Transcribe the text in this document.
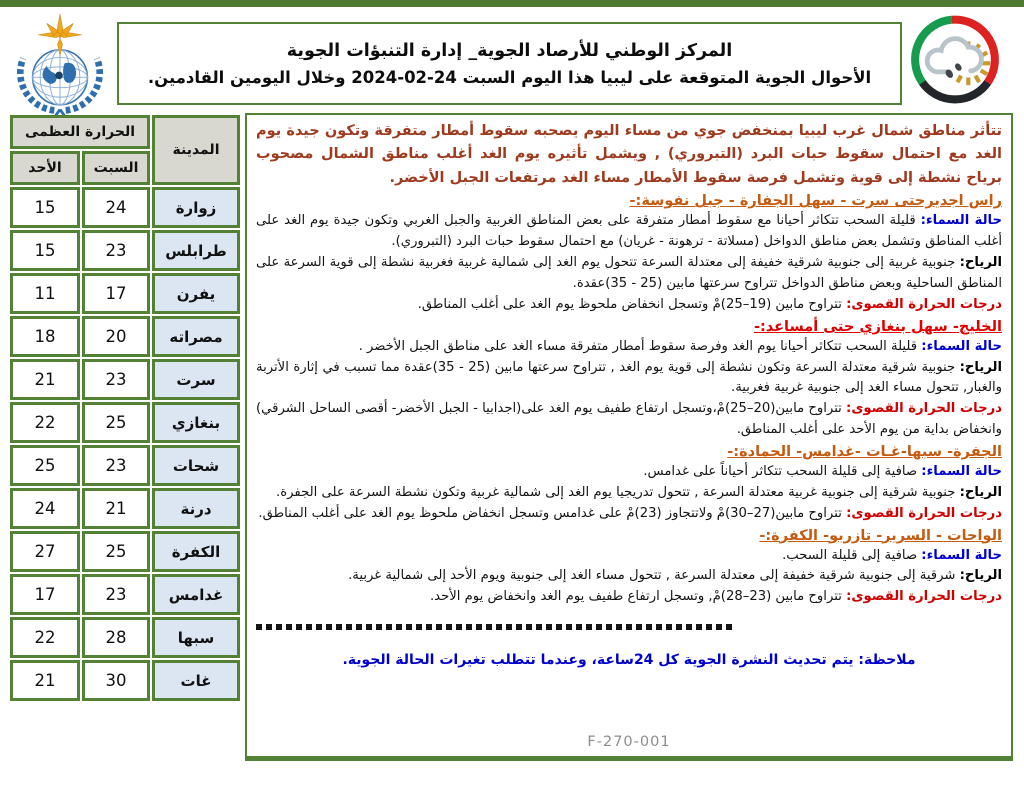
المركز الوطني للأرصاد الجوية_ إدارة التنبؤات الجوية
الأحوال الجوية المتوقعة على ليبيا هذا اليوم السبت 24-02-2024 وخلال اليومين القادمين.
المدينة	الحرارة العظمى	
	السبت	الأحد
زوارة	24	15
طرابلس	23	15
يفرن	17	11
مصراته	20	18
سرت	23	21
بنغازي	25	22
شحات	23	25
درنة	21	24
الكفرة	25	27
غدامس	23	17
سبها	28	22
غات	30	21

تتأثر مناطق شمال غرب ليبيا بمنخفض جوي من مساء اليوم يصحبه سقوط أمطار متفرقة وتكون جيدة يوم الغد مع احتمال سقوط حبات البرد (التبروري) , ويشمل تأثيره يوم الغد أغلب مناطق الشمال مصحوب برياح نشطة إلى قوية وتشمل فرصة سقوط الأمطار مساء الغد مرتفعات الجبل الأخضر.

راس اجديرحتى سرت - سهل الجفارة - جبل نفوسة:-

حالة السماء: قليلة السحب تتكاثر أحيانا مع سقوط أمطار متفرقة على بعض المناطق الغربية والجبل الغربي وتكون جيدة يوم الغد على أغلب المناطق وتشمل بعض مناطق الدواخل (مسلاتة - ترهونة - غريان) مع احتمال سقوط حبات البرد (التبروري).

الرياح: جنوبية غربية إلى جنوبية شرقية خفيفة إلى معتدلة السرعة تتحول يوم الغد إلى شمالية غربية فغربية نشطة إلى قوية السرعة على المناطق الساحلية وبعض مناطق الدواخل تتراوح سرعتها مابين (25 - 35)عقدة.

درجات الحرارة القصوى: تتراوح مابين (19–25)مْ وتسجل انخفاض ملحوظ يوم الغد على أغلب المناطق.

الخليج- سهل بنغازي حتى أمساعد:-

حالة السماء: قليلة السحب تتكاثر أحيانا يوم الغد وفرصة سقوط أمطار متفرقة مساء الغد على مناطق الجبل الأخضر .

الرياح: جنوبية شرقية معتدلة السرعة وتكون نشطة إلى قوية يوم الغد , تتراوح سرعتها مابين (25 - 35)عقدة مما تسبب في إثارة الأتربة والغبار, تتحول مساء الغد إلى جنوبية غربية فغربية.

درجات الحرارة القصوى: تتراوح مابين(20–25)مْ،وتسجل ارتفاع طفيف يوم الغد على(اجدابيا - الجبل الأخضر- أقصى الساحل الشرقي) وانخفاض بداية من يوم الأحد على أغلب المناطق.

الجفرة- سبها-غـات -غدامس- الحمادة:-

حالة السماء: صافية إلى قليلة السحب تتكاثر أحياناً على غدامس.

الرياح: جنوبية شرقية إلى جنوبية غربية معتدلة السرعة , تتحول تدريجيا يوم الغد إلى شمالية غربية وتكون نشطة السرعة على الجفرة.

درجات الحرارة القصوى: تتراوح مابين(27–30)مْ ولاتتجاوز (23)مْ على غدامس وتسجل انخفاض ملحوظ يوم الغد على أغلب المناطق.

الواحات - السرير- تازربو- الكفرة:-

حالة السماء: صافية إلى قليلة السحب.

الرياح: شرقية إلى جنوبية شرقية خفيفة إلى معتدلة السرعة , تتحول مساء الغد إلى جنوبية ويوم الأحد إلى شمالية غربية.

درجات الحرارة القصوى: تتراوح مابين (23–28)مْ, وتسجل ارتفاع طفيف يوم الغد وانخفاض يوم الأحد.

ملاحظة: يتم تحديث النشرة الجوية كل 24ساعة، وعندما تتطلب تغيرات الحالة الجوية.

F-270-001
